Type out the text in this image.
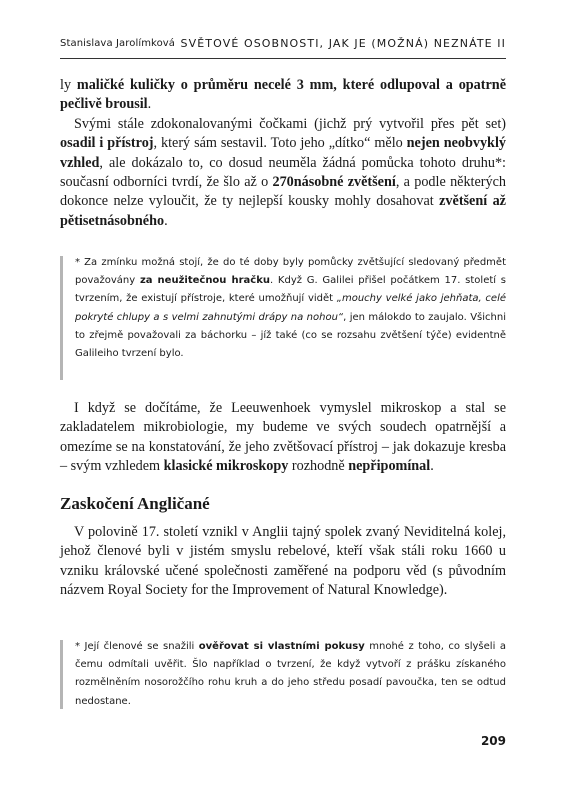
Stanislava Jarolímková SVĚTOVÉ OSOBNOSTI, JAK JE (MOŽNÁ) NEZNÁTE II

ly maličké kuličky o průměru necelé 3 mm, které odlupoval a opatrně pečlivě brousil.

Svými stále zdokonalovanými čočkami (jichž prý vytvořil přes pět set) osadil i přístroj, který sám sestavil. Toto jeho „dítko“ mělo nejen neobvyklý vzhled, ale dokázalo to, co dosud neuměla žádná pomůcka tohoto druhu*: současní odborníci tvrdí, že šlo až o 270násobné zvětšení, a podle některých dokonce nelze vyloučit, že ty nejlepší kousky mohly dosahovat zvětšení až pětisetnásobného.

* Za zmínku možná stojí, že do té doby byly pomůcky zvětšující sledovaný předmět považovány za neužitečnou hračku. Když G. Galilei přišel počátkem 17. století s tvrzením, že existují přístroje, které umožňují vidět „mouchy velké jako jehňata, celé pokryté chlupy a s velmi zahnutými drápy na nohou“, jen málokdo to zaujalo. Všichni to zřejmě považovali za báchorku – jíž také (co se rozsahu zvětšení týče) evidentně Galileiho tvrzení bylo.

I když se dočítáme, že Leeuwenhoek vymyslel mikroskop a stal se zakladatelem mikrobiologie, my budeme ve svých soudech opatrnější a omezíme se na konstatování, že jeho zvětšovací přístroj – jak dokazuje kresba – svým vzhledem klasické mikroskopy rozhodně nepřipomínal.

Zaskočení Angličané

V polovině 17. století vznikl v Anglii tajný spolek zvaný Neviditelná kolej, jehož členové byli v jistém smyslu rebelové, kteří však stáli roku 1660 u vzniku královské učené společnosti zaměřené na podporu věd (s původním názvem Royal Society for the Improvement of Natural Knowledge).

* Její členové se snažili ověřovat si vlastními pokusy mnohé z toho, co slyšeli a čemu odmítali uvěřit. Šlo například o tvrzení, že když vytvoří z prášku získaného rozmělněním nosorožčího rohu kruh a do jeho středu posadí pavoučka, ten se odtud nedostane.
209
